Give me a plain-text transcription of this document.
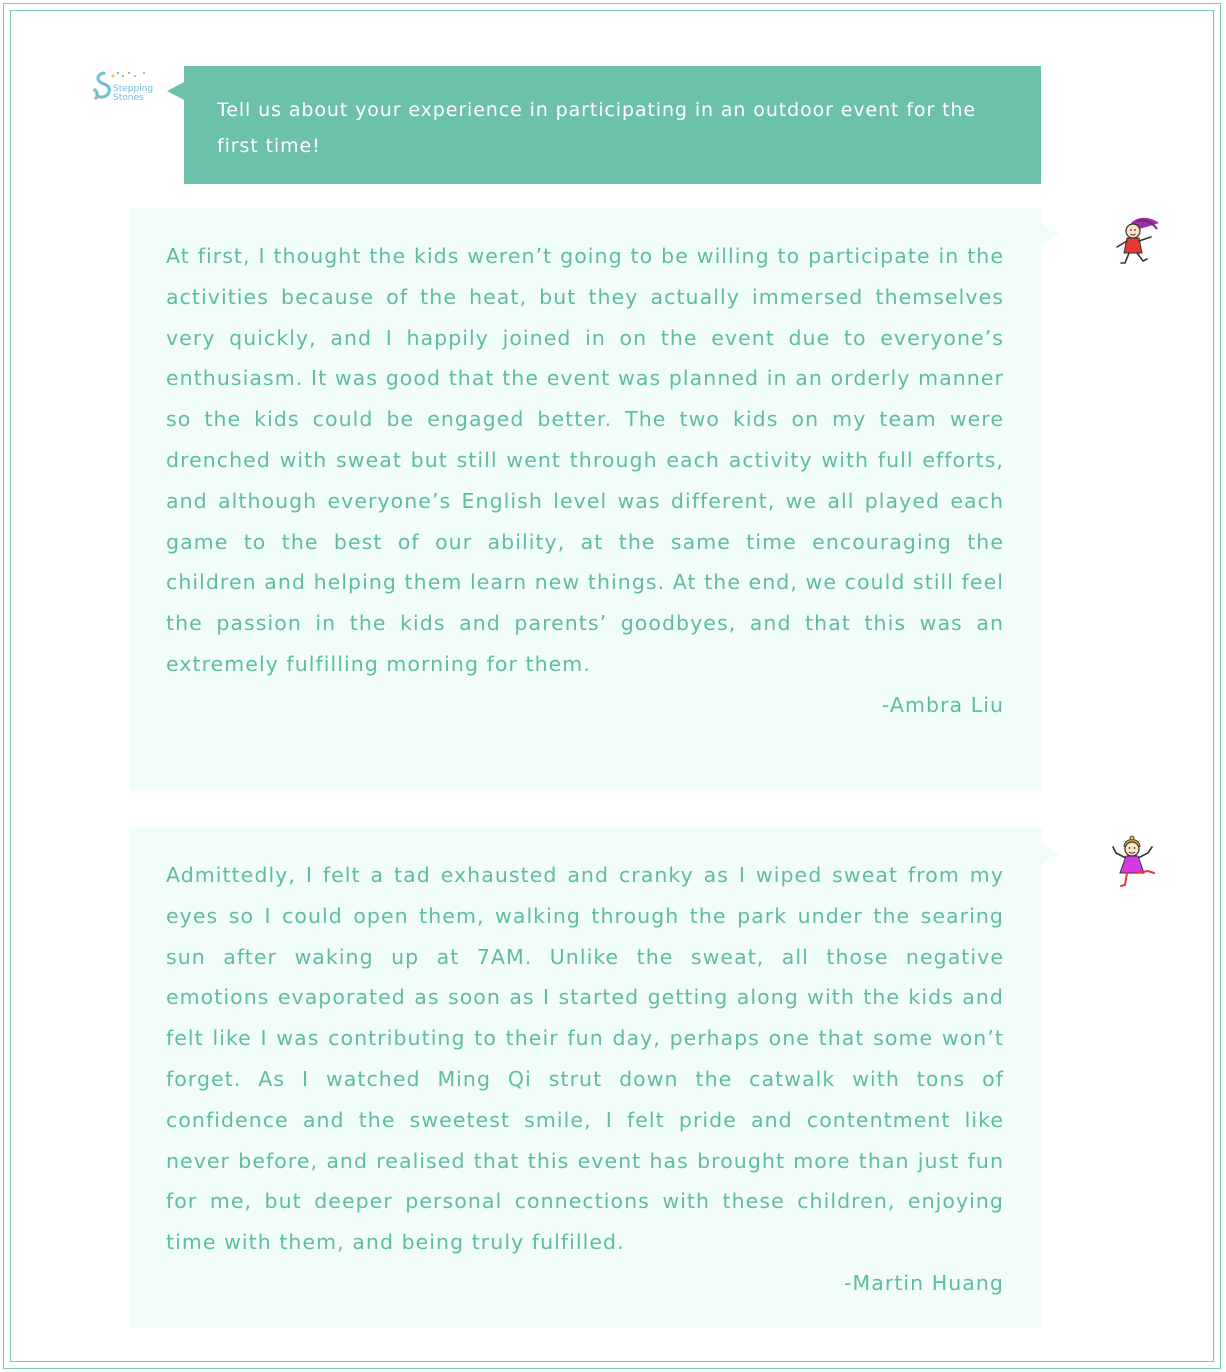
Stepping
Stones

Tell us about your experience in participating in an outdoor event for the first time!

At first, I thought the kids weren’t going to be willing to participate in the activities because of the heat, but they actually immersed themselves very quickly, and I happily joined in on the event due to everyone’s enthusiasm. It was good that the event was planned in an orderly manner so the kids could be engaged better. The two kids on my team were drenched with sweat but still went through each activity with full efforts, and although everyone’s English level was different, we all played each game to the best of our ability, at the same time encouraging the children and helping them learn new things. At the end, we could still feel the passion in the kids and parents’ goodbyes, and that this was an extremely fulfilling morning for them.

-Ambra Liu

Admittedly, I felt a tad exhausted and cranky as I wiped sweat from my eyes so I could open them, walking through the park under the searing sun after waking up at 7AM. Unlike the sweat, all those negative emotions evaporated as soon as I started getting along with the kids and felt like I was contributing to their fun day, perhaps one that some won’t forget. As I watched Ming Qi strut down the catwalk with tons of confidence and the sweetest smile, I felt pride and contentment like never before, and realised that this event has brought more than just fun for me, but deeper personal connections with these children, enjoying time with them, and being truly fulfilled.

-Martin Huang
